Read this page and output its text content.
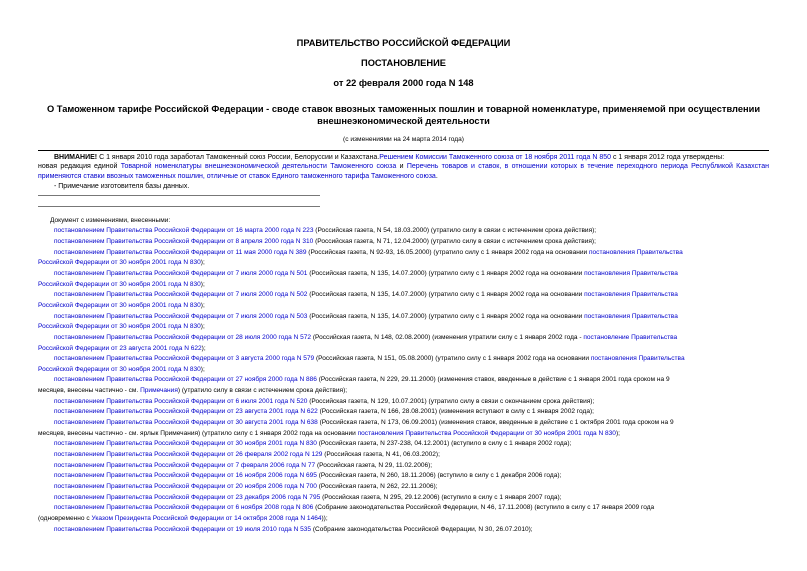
ПРАВИТЕЛЬСТВО РОССИЙСКОЙ ФЕДЕРАЦИИ
ПОСТАНОВЛЕНИЕ
от 22 февраля 2000 года N 148
О Таможенном тарифе Российской Федерации - своде ставок ввозных таможенных пошлин и товарной номенклатуре, применяемой при осуществлении
внешнеэкономической деятельности
(с изменениями на 24 марта 2014 года)
ВНИМАНИЕ! С 1 января 2010 года заработал Таможенный союз России, Белоруссии и Казахстана.Решением Комиссии Таможенного союза от 18 ноября 2011 года N 850 с 1 января 2012 года утверждены:
новая редакция единой Товарной номенклатуры внешнеэкономической деятельности Таможенного союза и Перечень товаров и ставок, в отношении которых в течение переходного периода Республикой Казахстан применяются ставки ввозных таможенных пошлин, отличные от ставок Единого таможенного тарифа Таможенного союза.
- Примечание изготовителя базы данных.
Документ с изменениями, внесенными:
постановлением Правительства Российской Федерации от 16 марта 2000 года N 223 (Российская газета, N 54, 18.03.2000) (утратило силу в связи с истечением срока действия);
постановлением Правительства Российской Федерации от 8 апреля 2000 года N 310 (Российская газета, N 71, 12.04.2000) (утратило силу в связи с истечением срока действия);
постановлением Правительства Российской Федерации от 11 мая 2000 года N 389 (Российская газета, N 92-93, 16.05.2000) (утратило силу с 1 января 2002 года на основании постановления Правительства
Российской Федерации от 30 ноября 2001 года N 830);
постановлением Правительства Российской Федерации от 7 июля 2000 года N 501 (Российская газета, N 135, 14.07.2000) (утратило силу с 1 января 2002 года на основании постановления Правительства
Российской Федерации от 30 ноября 2001 года N 830);
постановлением Правительства Российской Федерации от 7 июля 2000 года N 502 (Российская газета, N 135, 14.07.2000) (утратило силу с 1 января 2002 года на основании постановления Правительства
Российской Федерации от 30 ноября 2001 года N 830);
постановлением Правительства Российской Федерации от 7 июля 2000 года N 503 (Российская газета, N 135, 14.07.2000) (утратило силу с 1 января 2002 года на основании постановления Правительства
Российской Федерации от 30 ноября 2001 года N 830);
постановлением Правительства Российской Федерации от 28 июля 2000 года N 572 (Российская газета, N 148, 02.08.2000) (изменения утратили силу с 1 января 2002 года - постановление Правительства
Российской Федерации от 23 августа 2001 года N 622);
постановлением Правительства Российской Федерации от 3 августа 2000 года N 579 (Российская газета, N 151, 05.08.2000) (утратило силу с 1 января 2002 года на основании постановления Правительства
Российской Федерации от 30 ноября 2001 года N 830);
постановлением Правительства Российской Федерации от 27 ноября 2000 года N 886 (Российская газета, N 229, 29.11.2000) (изменения ставок, введенные в действие с 1 января 2001 года сроком на 9
месяцев, внесены частично - см. Примечания) (утратило силу в связи с истечением срока действия);
постановлением Правительства Российской Федерации от 6 июля 2001 года N 520 (Российская газета, N 129, 10.07.2001) (утратило силу в связи с окончанием срока действия);
постановлением Правительства Российской Федерации от 23 августа 2001 года N 622 (Российская газета, N 166, 28.08.2001) (изменения вступают в силу с 1 января 2002 года);
постановлением Правительства Российской Федерации от 30 августа 2001 года N 638 (Российская газета, N 173, 06.09.2001) (изменения ставок, введенные в действие с 1 октября 2001 года сроком на 9
месяцев, внесены частично - см. ярлык Примечания) (утратило силу с 1 января 2002 года на основании постановления Правительства Российской Федерации от 30 ноября 2001 года N 830);
постановлением Правительства Российской Федерации от 30 ноября 2001 года N 830 (Российская газета, N 237-238, 04.12.2001) (вступило в силу с 1 января 2002 года);
постановлением Правительства Российской Федерации от 26 февраля 2002 года N 129 (Российская газета, N 41, 06.03.2002);
постановлением Правительства Российской Федерации от 7 февраля 2006 года N 77 (Российская газета, N 29, 11.02.2006);
постановлением Правительства Российской Федерации от 16 ноября 2006 года N 695 (Российская газета, N 260, 18.11.2006) (вступило в силу с 1 декабря 2006 года);
постановлением Правительства Российской Федерации от 20 ноября 2006 года N 700 (Российская газета, N 262, 22.11.2006);
постановлением Правительства Российской Федерации от 23 декабря 2006 года N 795 (Российская газета, N 295, 29.12.2006) (вступило в силу с 1 января 2007 года);
постановлением Правительства Российской Федерации от 6 ноября 2008 года N 806 (Собрание законодательства Российской Федерации, N 46, 17.11.2008) (вступило в силу с 17 января 2009 года
(одновременно с Указом Президента Российской Федерации от 14 октября 2008 года N 1464));
постановлением Правительства Российской Федерации от 19 июля 2010 года N 535 (Собрание законодательства Российской Федерации, N 30, 26.07.2010);
